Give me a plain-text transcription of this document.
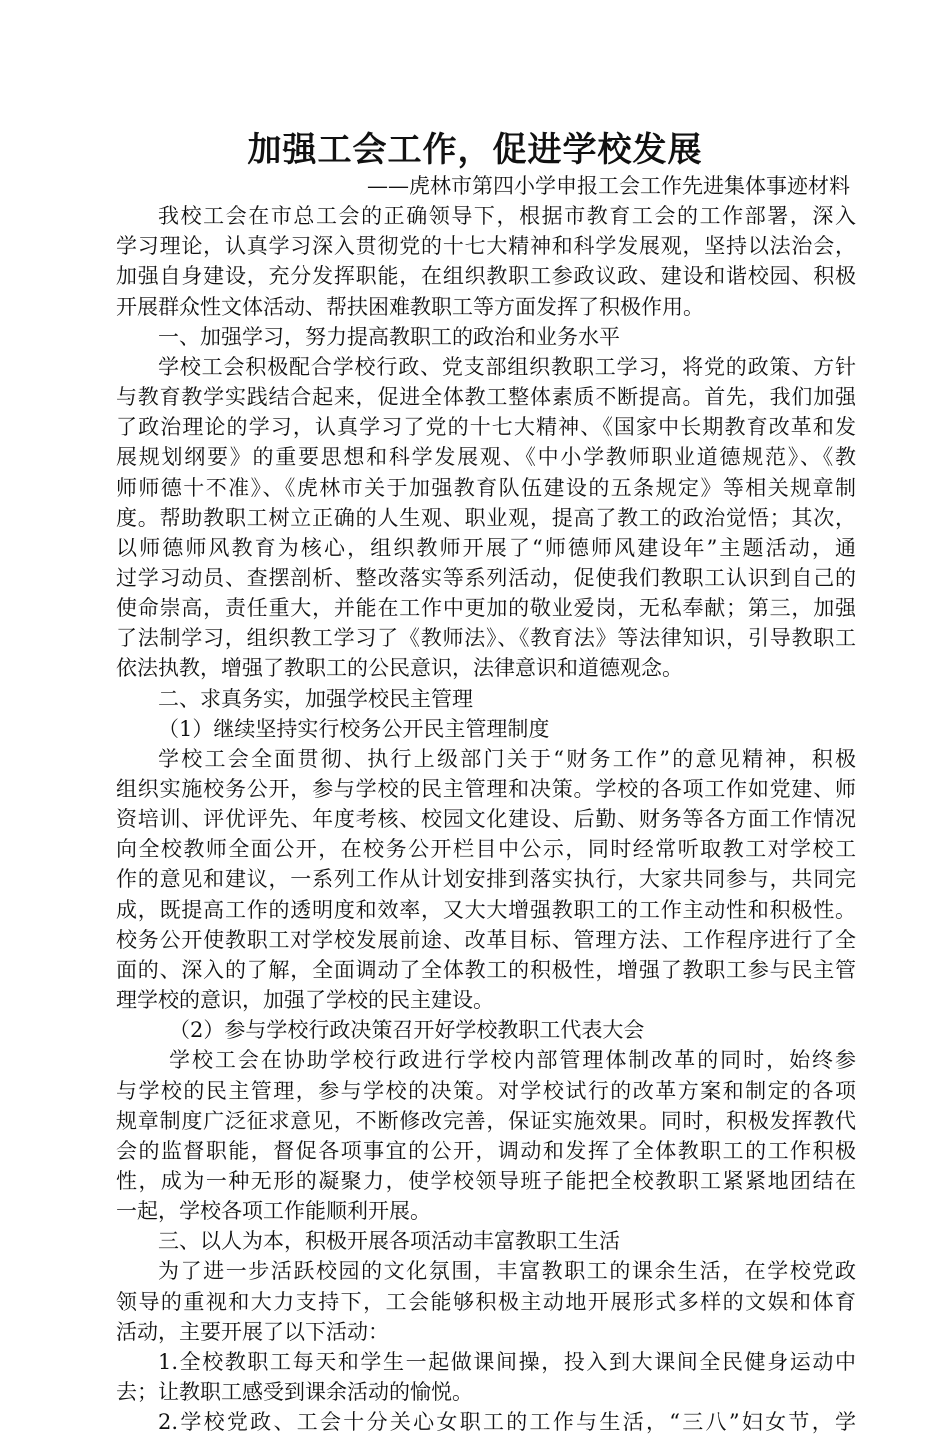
加强工会工作，促进学校发展
——虎林市第四小学申报工会工作先进集体事迹材料
我校工会在市总工会的正确领导下，根据市教育工会的工作部署，深入
学习理论，认真学习深入贯彻党的十七大精神和科学发展观，坚持以法治会，
加强自身建设，充分发挥职能，在组织教职工参政议政、建设和谐校园、积极
开展群众性文体活动、帮扶困难教职工等方面发挥了积极作用。
一、加强学习，努力提高教职工的政治和业务水平
学校工会积极配合学校行政、党支部组织教职工学习，将党的政策、方针
与教育教学实践结合起来，促进全体教工整体素质不断提高。首先，我们加强
了政治理论的学习，认真学习了党的十七大精神、《国家中长期教育改革和发
展规划纲要》的重要思想和科学发展观、《中小学教师职业道德规范》、《教
师师德十不准》、《虎林市关于加强教育队伍建设的五条规定》等相关规章制
度。帮助教职工树立正确的人生观、职业观，提高了教工的政治觉悟；其次，
以师德师风教育为核心，组织教师开展了“师德师风建设年”主题活动，通
过学习动员、查摆剖析、整改落实等系列活动，促使我们教职工认识到自己的
使命崇高，责任重大，并能在工作中更加的敬业爱岗，无私奉献；第三，加强
了法制学习，组织教工学习了《教师法》、《教育法》等法律知识，引导教职工
依法执教，增强了教职工的公民意识，法律意识和道德观念。
二、求真务实，加强学校民主管理
（1）继续坚持实行校务公开民主管理制度
学校工会全面贯彻、执行上级部门关于“财务工作”的意见精神，积极
组织实施校务公开，参与学校的民主管理和决策。学校的各项工作如党建、师
资培训、评优评先、年度考核、校园文化建设、后勤、财务等各方面工作情况
向全校教师全面公开，在校务公开栏目中公示，同时经常听取教工对学校工
作的意见和建议，一系列工作从计划安排到落实执行，大家共同参与，共同完
成，既提高工作的透明度和效率，又大大增强教职工的工作主动性和积极性。
校务公开使教职工对学校发展前途、改革目标、管理方法、工作程序进行了全
面的、深入的了解，全面调动了全体教工的积极性，增强了教职工参与民主管
理学校的意识，加强了学校的民主建设。
（2）参与学校行政决策召开好学校教职工代表大会
学校工会在协助学校行政进行学校内部管理体制改革的同时，始终参
与学校的民主管理，参与学校的决策。对学校试行的改革方案和制定的各项
规章制度广泛征求意见，不断修改完善，保证实施效果。同时，积极发挥教代
会的监督职能，督促各项事宜的公开，调动和发挥了全体教职工的工作积极
性，成为一种无形的凝聚力，使学校领导班子能把全校教职工紧紧地团结在
一起，学校各项工作能顺利开展。
三、以人为本，积极开展各项活动丰富教职工生活
为了进一步活跃校园的文化氛围，丰富教职工的课余生活，在学校党政
领导的重视和大力支持下，工会能够积极主动地开展形式多样的文娱和体育
活动，主要开展了以下活动：
1.全校教职工每天和学生一起做课间操，投入到大课间全民健身运动中
去；让教职工感受到课余活动的愉悦。
2.学校党政、工会十分关心女职工的工作与生活，“三八”妇女节，学
